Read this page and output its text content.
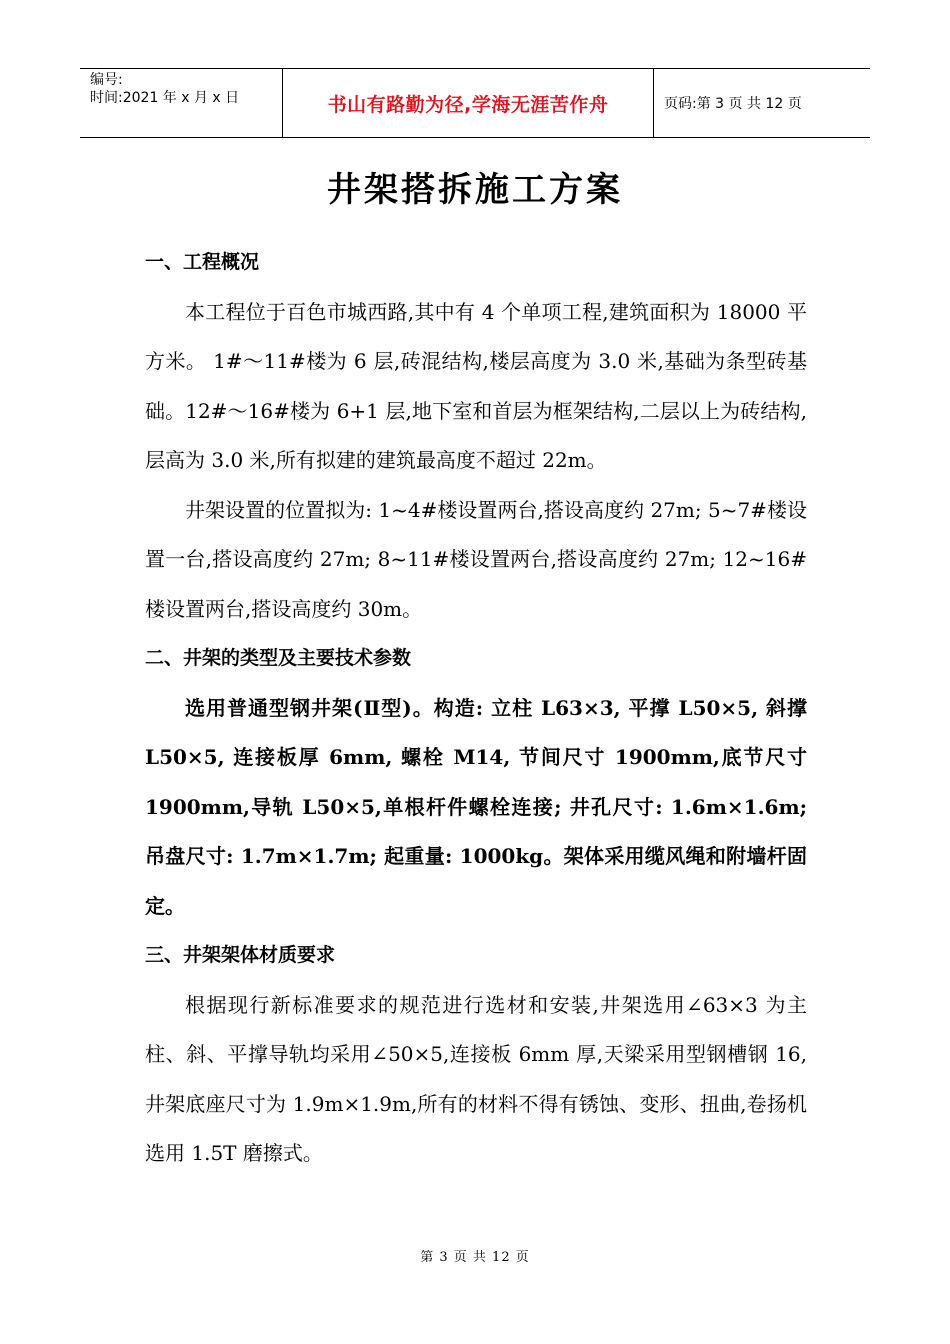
编号:
时间:2021 年 x 月 x 日	书山有路勤为径,学海无涯苦作舟	页码:第 3 页 共 12 页
井架搭拆施工方案

一、工程概况

本工程位于百色市城西路,其中有 4 个单项工程,建筑面积为 18000 平方米。 1#～11#楼为 6 层,砖混结构,楼层高度为 3.0 米,基础为条型砖基础。12#～16#楼为 6+1 层,地下室和首层为框架结构,二层以上为砖结构,层高为 3.0 米,所有拟建的建筑最高度不超过 22m。

井架设置的位置拟为: 1~4#楼设置两台,搭设高度约 27m; 5~7#楼设置一台,搭设高度约 27m; 8~11#楼设置两台,搭设高度约 27m; 12~16#楼设置两台,搭设高度约 30m。

二、井架的类型及主要技术参数

选用普通型钢井架(Ⅱ型)。构造: 立柱 L63×3, 平撑 L50×5, 斜撑 L50×5, 连接板厚 6mm, 螺栓 M14, 节间尺寸 1900mm,底节尺寸 1900mm,导轨 L50×5,单根杆件螺栓连接; 井孔尺寸: 1.6m×1.6m; 吊盘尺寸: 1.7m×1.7m; 起重量: 1000kg。架体采用缆风绳和附墙杆固定。

三、井架架体材质要求

根据现行新标准要求的规范进行选材和安装,井架选用∠63×3 为主柱、斜、平撑导轨均采用∠50×5,连接板 6mm 厚,天梁采用型钢槽钢 16,井架底座尺寸为 1.9m×1.9m,所有的材料不得有锈蚀、变形、扭曲,卷扬机选用 1.5T 磨擦式。

第 3 页 共 12 页
